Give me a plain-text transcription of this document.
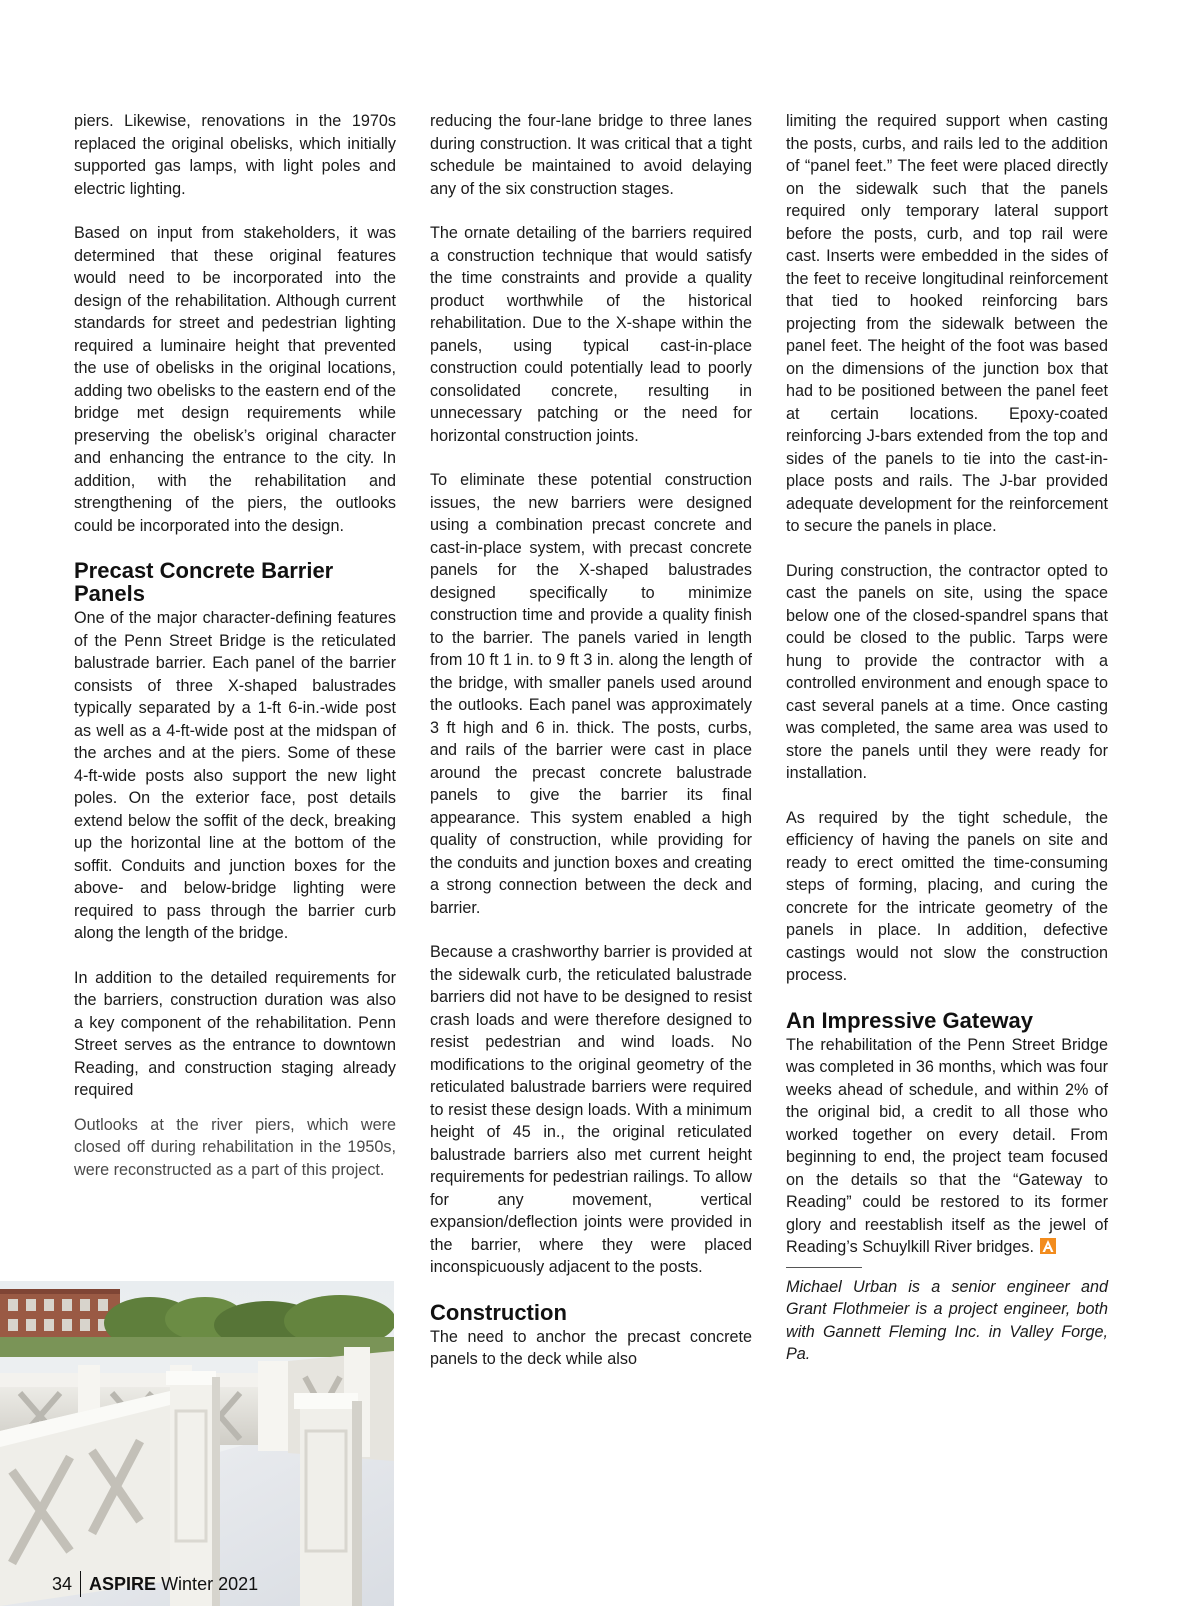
piers. Likewise, renovations in the 1970s replaced the original obelisks, which initially supported gas lamps, with light poles and electric lighting.

Based on input from stakeholders, it was determined that these original features would need to be incorporated into the design of the rehabilitation. Although current standards for street and pedestrian lighting required a luminaire height that prevented the use of obelisks in the original locations, adding two obelisks to the eastern end of the bridge met design requirements while preserving the obelisk’s original character and enhancing the entrance to the city. In addition, with the rehabilitation and strengthening of the piers, the outlooks could be incorporated into the design.

Precast Concrete Barrier Panels

One of the major character-defining features of the Penn Street Bridge is the reticulated balustrade barrier. Each panel of the barrier consists of three X-shaped balustrades typically separated by a 1-ft 6-in.-wide post as well as a 4-ft-wide post at the midspan of the arches and at the piers. Some of these 4-ft-wide posts also support the new light poles. On the exterior face, post details extend below the soffit of the deck, breaking up the horizontal line at the bottom of the soffit. Conduits and junction boxes for the above- and below-bridge lighting were required to pass through the barrier curb along the length of the bridge.

In addition to the detailed requirements for the barriers, construction duration was also a key component of the rehabilitation. Penn Street serves as the entrance to downtown Reading, and construction staging already required

Outlooks at the river piers, which were closed off during rehabilitation in the 1950s, were reconstructed as a part of this project.

reducing the four-lane bridge to three lanes during construction. It was critical that a tight schedule be maintained to avoid delaying any of the six construction stages.

The ornate detailing of the barriers required a construction technique that would satisfy the time constraints and provide a quality product worthwhile of the historical rehabilitation. Due to the X-shape within the panels, using typical cast-in-place construction could potentially lead to poorly consolidated concrete, resulting in unnecessary patching or the need for horizontal construction joints.

To eliminate these potential construction issues, the new barriers were designed using a combination precast concrete and cast-in-place system, with precast concrete panels for the X-shaped balustrades designed specifically to minimize construction time and provide a quality finish to the barrier. The panels varied in length from 10 ft 1 in. to 9 ft 3 in. along the length of the bridge, with smaller panels used around the outlooks. Each panel was approximately 3 ft high and 6 in. thick. The posts, curbs, and rails of the barrier were cast in place around the precast concrete balustrade panels to give the barrier its final appearance. This system enabled a high quality of construction, while providing for the conduits and junction boxes and creating a strong connection between the deck and barrier.

Because a crashworthy barrier is provided at the sidewalk curb, the reticulated balustrade barriers did not have to be designed to resist crash loads and were therefore designed to resist pedestrian and wind loads. No modifications to the original geometry of the reticulated balustrade barriers were required to resist these design loads. With a minimum height of 45 in., the original reticulated balustrade barriers also met current height requirements for pedestrian railings. To allow for any movement, vertical expansion/deflection joints were provided in the barrier, where they were placed inconspicuously adjacent to the posts.

Construction

The need to anchor the precast concrete panels to the deck while also

limiting the required support when casting the posts, curbs, and rails led to the addition of “panel feet.” The feet were placed directly on the sidewalk such that the panels required only temporary lateral support before the posts, curb, and top rail were cast. Inserts were embedded in the sides of the feet to receive longitudinal reinforcement that tied to hooked reinforcing bars projecting from the sidewalk between the panel feet. The height of the foot was based on the dimensions of the junction box that had to be positioned between the panel feet at certain locations. Epoxy-coated reinforcing J-bars extended from the top and sides of the panels to tie into the cast-in-place posts and rails. The J-bar provided adequate development for the reinforcement to secure the panels in place.

During construction, the contractor opted to cast the panels on site, using the space below one of the closed-spandrel spans that could be closed to the public. Tarps were hung to provide the contractor with a controlled environment and enough space to cast several panels at a time. Once casting was completed, the same area was used to store the panels until they were ready for installation.

As required by the tight schedule, the efficiency of having the panels on site and ready to erect omitted the time-consuming steps of forming, placing, and curing the concrete for the intricate geometry of the panels in place. In addition, defective castings would not slow the construction process.

An Impressive Gateway

The rehabilitation of the Penn Street Bridge was completed in 36 months, which was four weeks ahead of schedule, and within 2% of the original bid, a credit to all those who worked together on every detail. From beginning to end, the project team focused on the details so that the “Gateway to Reading” could be restored to its former glory and reestablish itself as the jewel of Reading’s Schuylkill River bridges.

Michael Urban is a senior engineer and Grant Flothmeier is a project engineer, both with Gannett Fleming Inc. in Valley Forge, Pa.

34 ASPIRE Winter 2021
